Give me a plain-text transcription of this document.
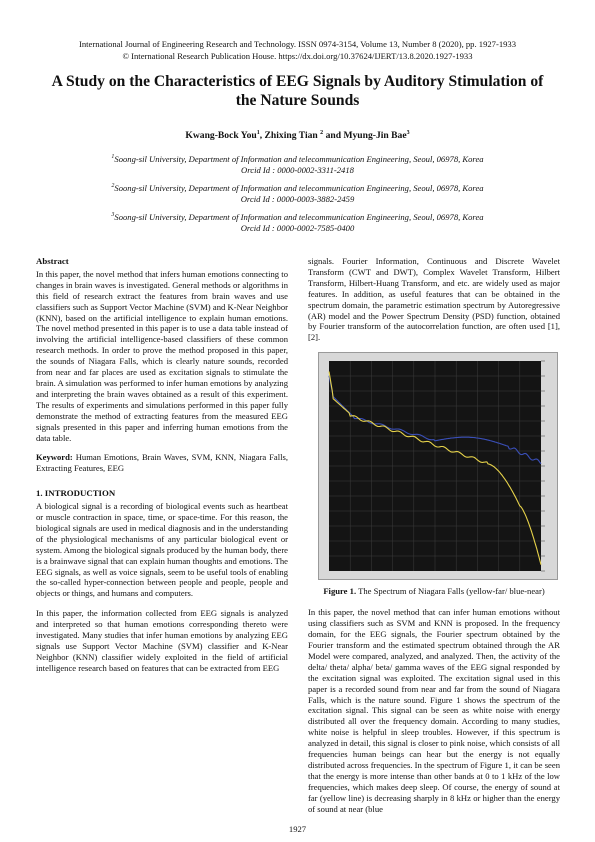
International Journal of Engineering Research and Technology. ISSN 0974-3154, Volume 13, Number 8 (2020), pp. 1927-1933
© International Research Publication House. https://dx.doi.org/10.37624/IJERT/13.8.2020.1927-1933
A Study on the Characteristics of EEG Signals by Auditory Stimulation of the Nature Sounds
Kwang-Bock You$^1$, Zhixing Tian $^2$ and Myung-Jin Bae$^3$
$^1$Soong-sil University, Department of Information and telecommunication Engineering, Seoul, 06978, Korea
Orcid Id : 0000-0002-3311-2418
$^2$Soong-sil University, Department of Information and telecommunication Engineering, Seoul, 06978, Korea
Orcid Id : 0000-0003-3882-2459
$^3$Soong-sil University, Department of Information and telecommunication Engineering, Seoul, 06978, Korea
Orcid Id : 0000-0002-7585-0400
Abstract
In this paper, the novel method that infers human emotions connecting to changes in brain waves is investigated. General methods or algorithms in this field of research extract the features from brain waves and use classifiers such as Support Vector Machine (SVM) and K-Near Neighbor (KNN), based on the artificial intelligence to explain human emotions. The novel method presented in this paper is to use a data table instead of involving the artificial intelligence-based classifiers of these common research methods. In order to prove the method proposed in this paper, the sounds of Niagara Falls, which is clearly nature sounds, recorded from near and far places are used as excitation signals to stimulate the brain. A simulation was performed to infer human emotions by analyzing and interpreting the brain waves obtained as a result of this experiment. The results of experiments and simulations performed in this paper fully demonstrate the method of extracting features from the measured EEG signals presented in this paper and inferring human emotions from the data table.
Keyword: Human Emotions, Brain Waves, SVM, KNN, Niagara Falls, Extracting Features, EEG
1. INTRODUCTION
A biological signal is a recording of biological events such as heartbeat or muscle contraction in space, time, or space-time. For this reason, the biological signals are used in medical diagnosis and in the understanding of the physiological mechanisms of any particular biological event or system. Among the biological signals produced by the human body, there is a brainwave signal that can explain human thoughts and emotions. The EEG signals, as well as voice signals, seem to be useful tools of enabling the so-called hyper-connection between people and people, people and objects or things, and humans and computers.
In this paper, the information collected from EEG signals is analyzed and interpreted so that human emotions corresponding thereto were investigated. Many studies that infer human emotions by analyzing EEG signals use Support Vector Machine (SVM) classifier and K-Near Neighbor (KNN) classifier widely exploited in the field of artificial intelligence research based on features that can be extracted from EEG
signals. Fourier Information, Continuous and Discrete Wavelet Transform (CWT and DWT), Complex Wavelet Transform, Hilbert Transform, Hilbert-Huang Transform, and etc. are widely used as major features. In addition, as useful features that can be obtained in the spectrum domain, the parametric estimation spectrum by Autoregressive (AR) model and the Power Spectrum Density (PSD) function, obtained by Fourier transform of the autocorrelation function, are often used [1], [2].
Figure 1. The Spectrum of Niagara Falls (yellow-far/ blue-near)
In this paper, the novel method that can infer human emotions without using classifiers such as SVM and KNN is proposed. In the frequency domain, for the EEG signals, the Fourier spectrum obtained by the Fourier transform and the estimated spectrum obtained through the AR Model were compared, analyzed, and analyzed. Then, the activity of the delta/ theta/ alpha/ beta/ gamma waves of the EEG signal responded by the excitation signal was exploited. The excitation signal used in this paper is a recorded sound from near and far from the sound of Niagara Falls, which is the nature sound. Figure 1 shows the spectrum of the excitation signal. This signal can be seen as white noise with energy distributed all over the frequency domain. According to many studies, white noise is helpful in sleep troubles. However, if this spectrum is analyzed in detail, this signal is closer to pink noise, which consists of all frequencies human beings can hear but the energy is not equally distributed across frequencies. In the spectrum of Figure 1, it can be seen that the energy is more intense than other bands at 0 to 1 kHz of the low frequencies, which makes deep sleep. Of course, the energy of sound at far (yellow line) is decreasing sharply in 8 kHz or higher than the energy of sound at near (blue
1927
